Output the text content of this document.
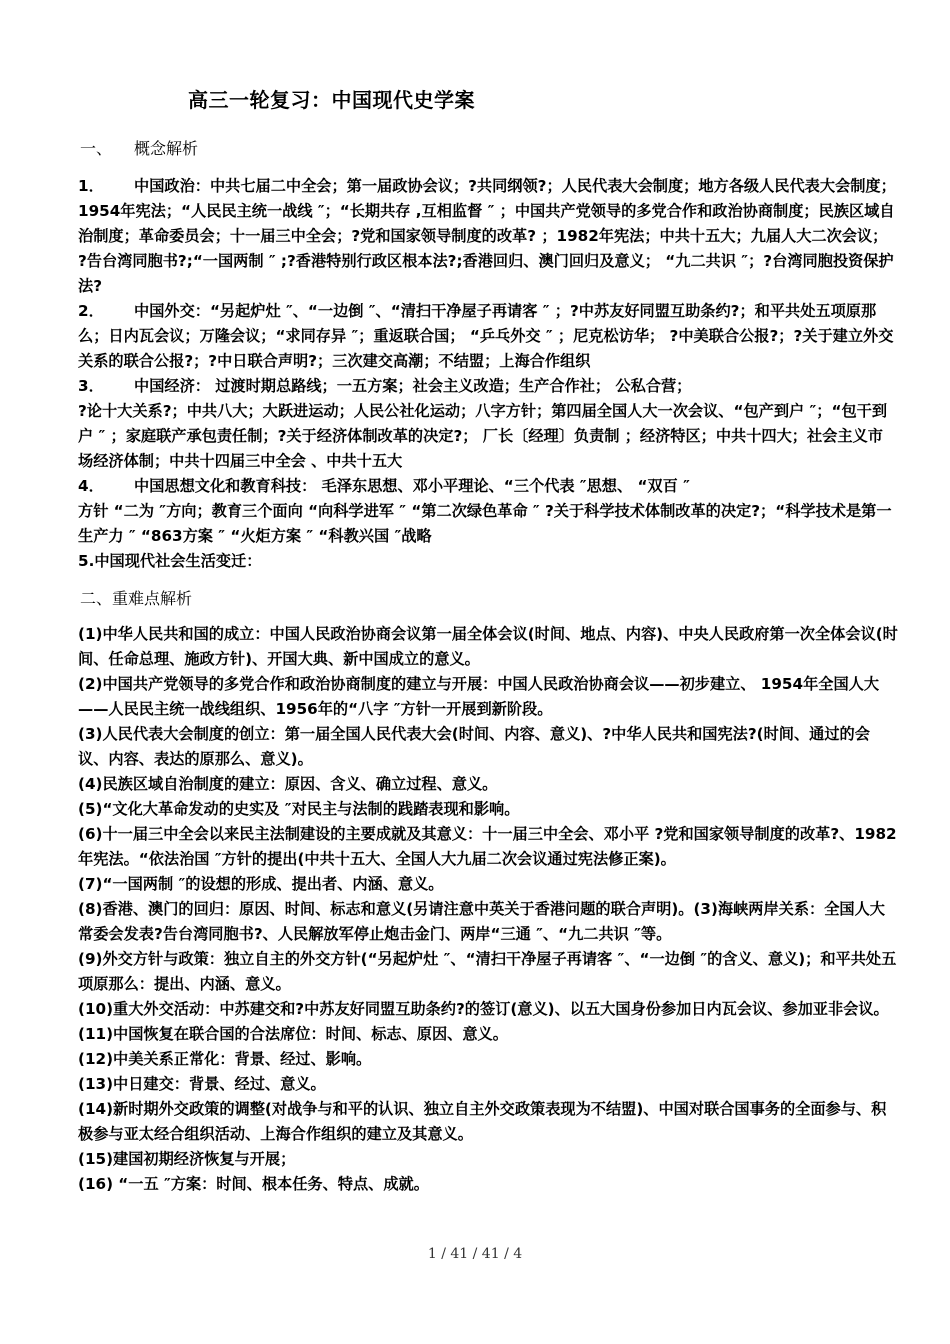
高三一轮复习：中国现代史学案
一、 概念解析

1． 中国政治：中共七届二中全会；第一届政协会议；?共同纲领?；人民代表大会制度；地方各级人民代表大会制度；1954年宪法；“人民民主统一战线 ″；“长期共存 ,互相监督 ″ ；中国共产党领导的多党合作和政治协商制度；民族区域自治制度；革命委员会；十一届三中全会；?党和国家领导制度的改革? ；1982年宪法；中共十五大；九届人大二次会议； ?告台湾同胞书?;“一国两制 ″ ;?香港特别行政区根本法?;香港回归、澳门回归及意义； “九二共识 ″；?台湾同胞投资保护法?

2． 中国外交：“另起炉灶 ″、“一边倒 ″、“清扫干净屋子再请客 ″ ；?中苏友好同盟互助条约?；和平共处五项原那么；日内瓦会议；万隆会议；“求同存异 ″；重返联合国； “乒乓外交 ″ ；尼克松访华； ?中美联合公报?；?关于建立外交关系的联合公报?；?中日联合声明?；三次建交高潮；不结盟；上海合作组织

3． 中国经济： 过渡时期总路线；一五方案；社会主义改造；生产合作社； 公私合营；

?论十大关系?；中共八大；大跃进运动；人民公社化运动；八字方针；第四届全国人大一次会议、“包产到户 ″；“包干到户 ″ ；家庭联产承包责任制；?关于经济体制改革的决定?； 厂长〔经理〕负责制 ；经济特区；中共十四大；社会主义市场经济体制；中共十四届三中全会 、中共十五大

4． 中国思想文化和教育科技： 毛泽东思想、邓小平理论、“三个代表 ″思想、 “双百 ″

方针 “二为 ″方向；教育三个面向 “向科学进军 ″ “第二次绿色革命 ″ ?关于科学技术体制改革的决定?；“科学技术是第一生产力 ″ “863方案 ″ “火炬方案 ″ “科教兴国 ″战略

5.中国现代社会生活变迁：

二、重难点解析

(1)中华人民共和国的成立：中国人民政治协商会议第一届全体会议(时间、地点、内容)、中央人民政府第一次全体会议(时间、任命总理、施政方针)、开国大典、新中国成立的意义。

(2)中国共产党领导的多党合作和政治协商制度的建立与开展：中国人民政治协商会议——初步建立、 1954年全国人大——人民民主统一战线组织、1956年的“八字 ″方针一开展到新阶段。

(3)人民代表大会制度的创立：第一届全国人民代表大会(时间、内容、意义)、?中华人民共和国宪法?(时间、通过的会议、内容、表达的原那么、意义)。

(4)民族区域自治制度的建立：原因、含义、确立过程、意义。

(5)“文化大革命发动的史实及 ″对民主与法制的践踏表现和影响。

(6)十一届三中全会以来民主法制建设的主要成就及其意义：十一届三中全会、邓小平 ?党和国家领导制度的改革?、1982年宪法。“依法治国 ″方针的提出(中共十五大、全国人大九届二次会议通过宪法修正案)。

(7)“一国两制 ″的设想的形成、提出者、内涵、意义。

(8)香港、澳门的回归：原因、时间、标志和意义(另请注意中英关于香港问题的联合声明)。(3)海峡两岸关系：全国人大常委会发表?告台湾同胞书?、人民解放军停止炮击金门、两岸“三通 ″、“九二共识 ″等。

(9)外交方针与政策：独立自主的外交方针(“另起炉灶 ″、“清扫干净屋子再请客 ″、“一边倒 ″的含义、意义)；和平共处五项原那么：提出、内涵、意义。

(10)重大外交活动：中苏建交和?中苏友好同盟互助条约?的签订(意义)、以五大国身份参加日内瓦会议、参加亚非会议。

(11)中国恢复在联合国的合法席位：时间、标志、原因、意义。

(12)中美关系正常化：背景、经过、影响。

(13)中日建交：背景、经过、意义。

(14)新时期外交政策的调整(对战争与和平的认识、独立自主外交政策表现为不结盟)、中国对联合国事务的全面参与、积极参与亚太经合组织活动、上海合作组织的建立及其意义。

(15)建国初期经济恢复与开展；

(16) “一五 ″方案：时间、根本任务、特点、成就。

1 / 41 / 41 / 4
